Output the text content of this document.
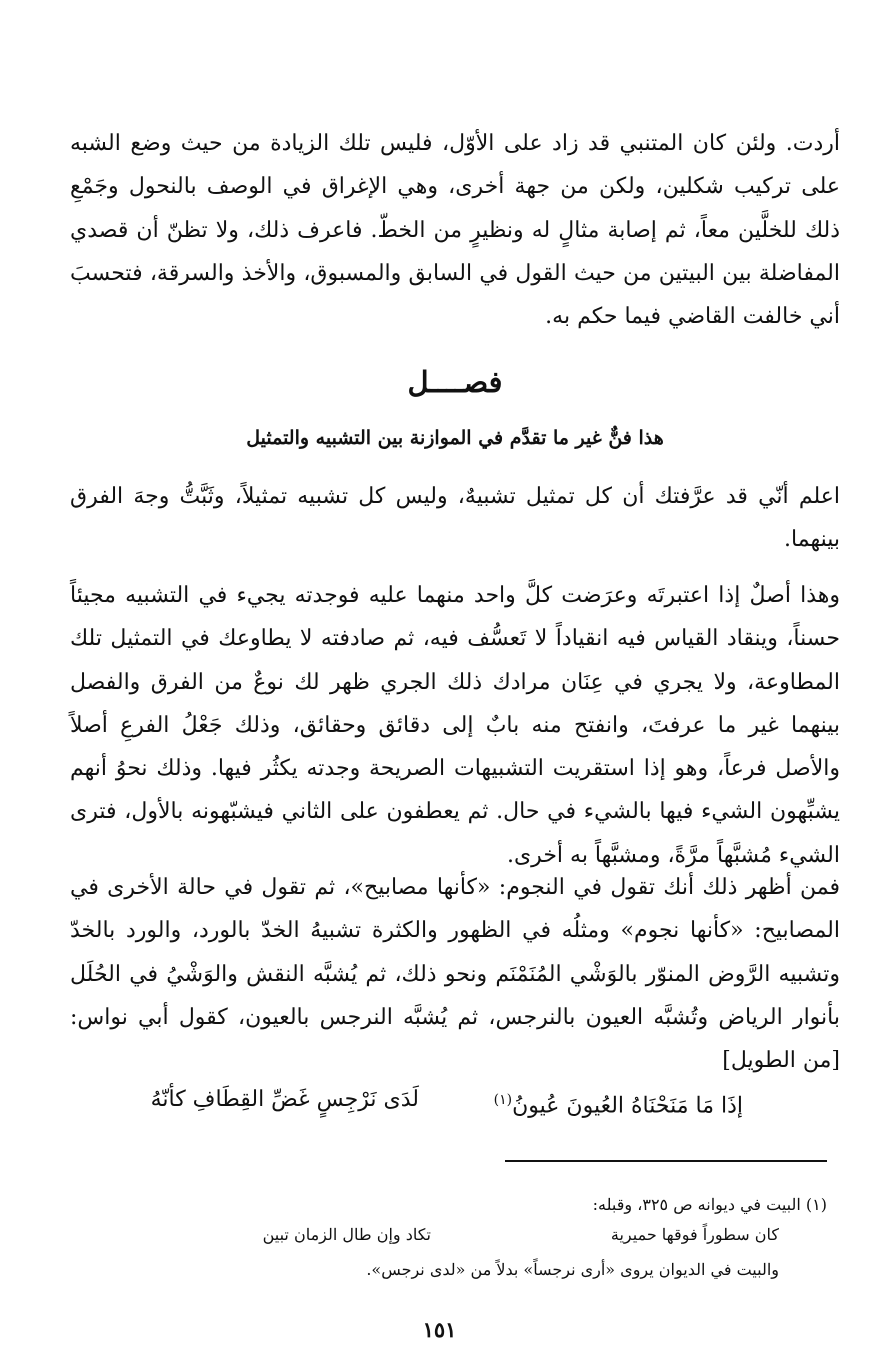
أردت. ولئن كان المتنبي قد زاد على الأوّل، فليس تلك الزيادة من حيث وضع الشبه على تركيب شكلين، ولكن من جهة أخرى، وهي الإغراق في الوصف بالنحول وجَمْعِ ذلك للخلَّين معاً، ثم إصابة مثالٍ له ونظيرٍ من الخطّ. فاعرف ذلك، ولا تظنّ أن قصدي المفاضلة بين البيتين من حيث القول في السابق والمسبوق، والأخذ والسرقة، فتحسبَ أني خالفت القاضي فيما حكم به.

فصــــل
هذا فنٌّ غير ما تقدَّم في الموازنة بين التشبيه والتمثيل

اعلم أنّي قد عرَّفتك أن كل تمثيل تشبيهٌ، وليس كل تشبيه تمثيلاً، وثَبَّتُّ وجهَ الفرق بينهما.

وهذا أصلٌ إذا اعتبرتَه وعرَضت كلَّ واحد منهما عليه فوجدته يجيء في التشبيه مجيئاً حسناً، وينقاد القياس فيه انقياداً لا تَعسُّف فيه، ثم صادفته لا يطاوعك في التمثيل تلك المطاوعة، ولا يجري في عِنَان مرادك ذلك الجري ظهر لك نوعٌ من الفرق والفصل بينهما غير ما عرفتَ، وانفتح منه بابٌ إلى دقائق وحقائق، وذلك جَعْلُ الفرعِ أصلاً والأصل فرعاً، وهو إذا استقريت التشبيهات الصريحة وجدته يكثُر فيها. وذلك نحوُ أنهم يشبِّهون الشيء فيها بالشيء في حال. ثم يعطفون على الثاني فيشبّهونه بالأول، فترى الشيء مُشبَّهاً مرَّةً، ومشبَّهاً به أخرى.

فمن أظهر ذلك أنك تقول في النجوم: «كأنها مصابيح»، ثم تقول في حالة الأخرى في المصابيح: «كأنها نجوم» ومثلُه في الظهور والكثرة تشبيهُ الخدّ بالورد، والورد بالخدّ وتشبيه الرَّوض المنوّر بالوَشْي المُنَمْنَم ونحو ذلك، ثم يُشبَّه النقش والوَشْيُ في الحُلَل بأنوار الرياض وتُشبَّه العيون بالنرجس، ثم يُشبَّه النرجس بالعيون، كقول أبي نواس: [من الطويل]

لَدَى نَرْجِسٍ غَضِّ القِطَافِ كأنّهُ	إذَا مَا مَنَحْنَاهُ العُيونَ عُيونُ$^{(١)}$
(١) البيت في ديوانه ص ٣٢٥، وقبله:
كان سطوراً فوقها حميرية
تكاد وإن طال الزمان تبين
والبيت في الديوان يروى «أرى نرجساً» بدلاً من «لدى نرجس».
١٥١
